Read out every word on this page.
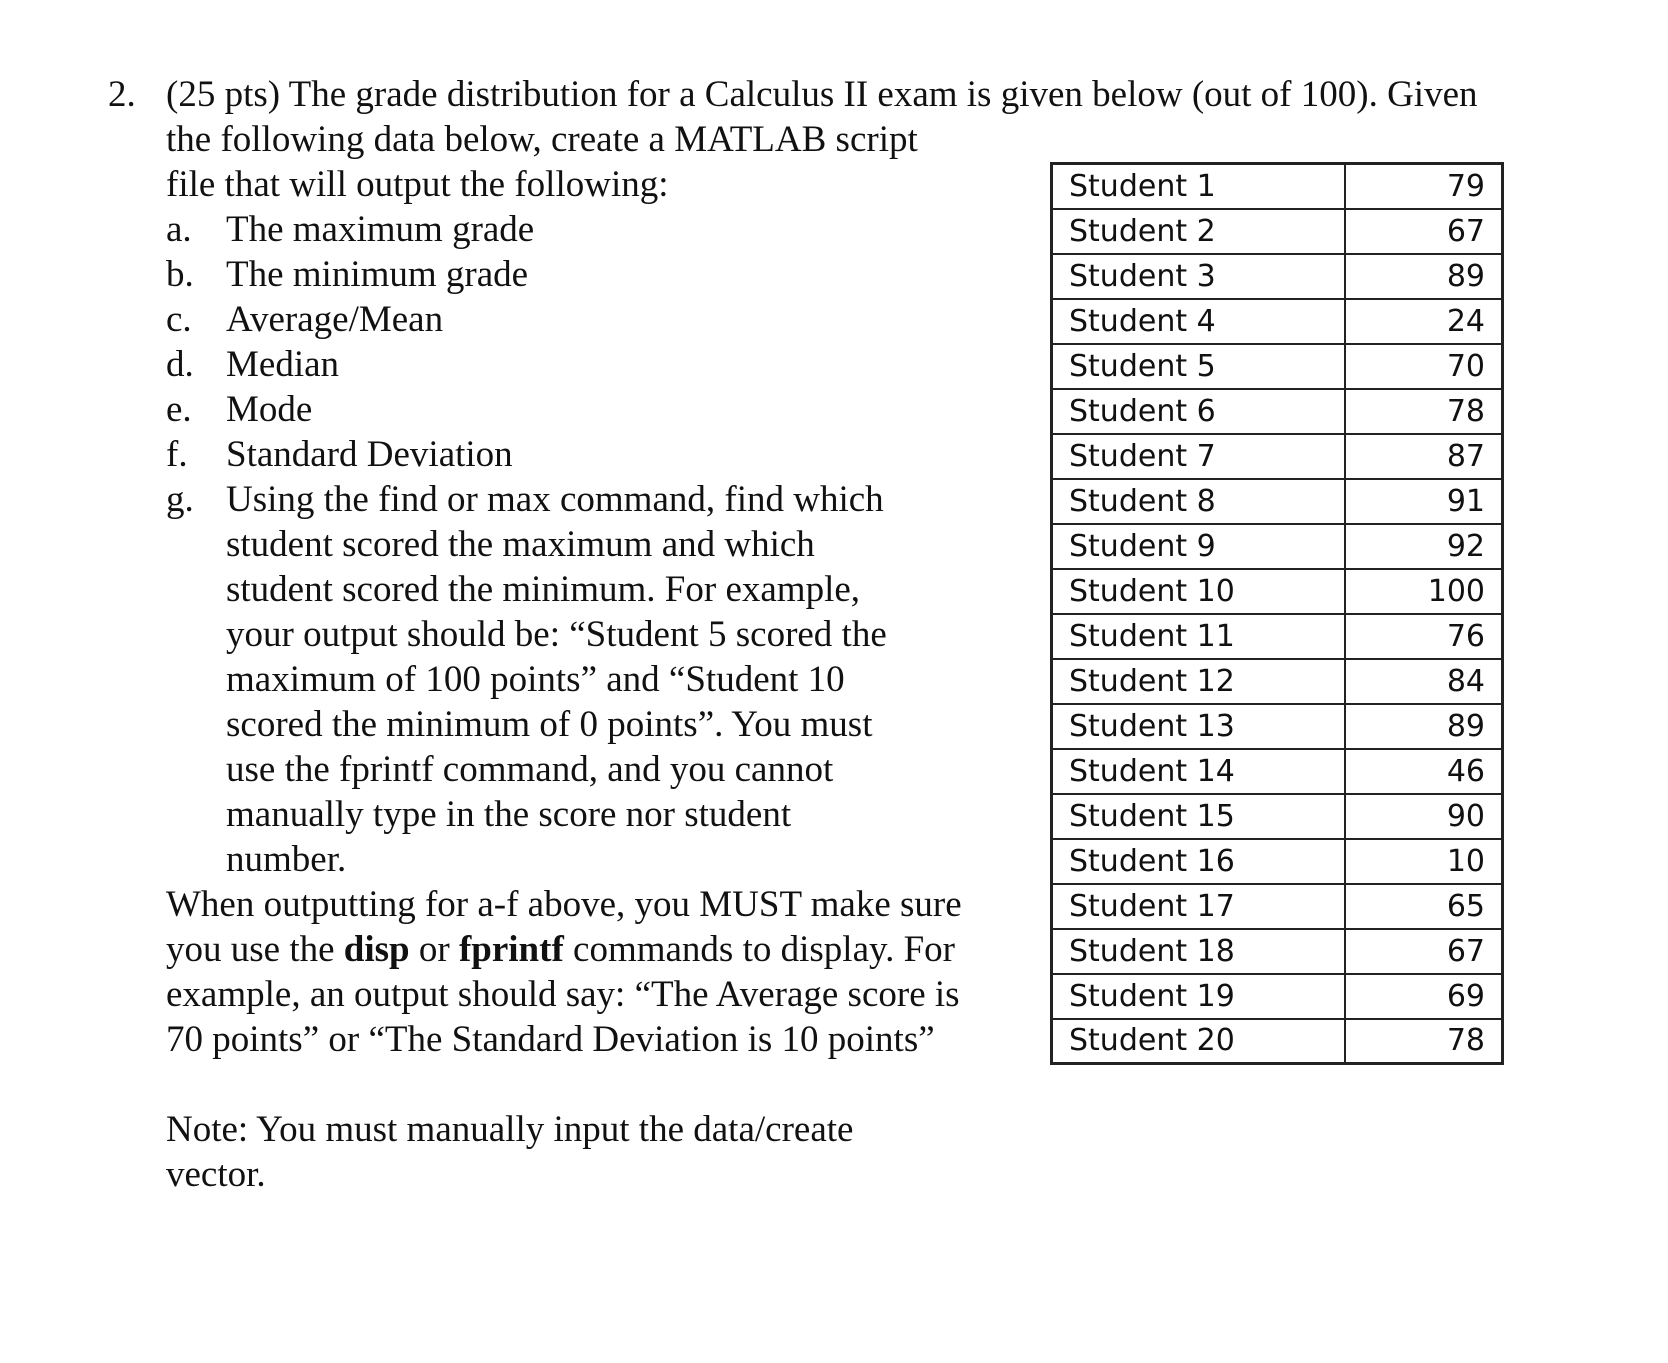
2. (25 pts) The grade distribution for a Calculus II exam is given below (out of 100). Given
the following data below, create a MATLAB script
file that will output the following:
a. The maximum grade
b. The minimum grade
c. Average/Mean
d. Median
e. Mode
f. Standard Deviation
g. Using the find or max command, find which
student scored the maximum and which
student scored the minimum. For example,
your output should be: “Student 5 scored the
maximum of 100 points” and “Student 10
scored the minimum of 0 points”. You must
use the fprintf command, and you cannot
manually type in the score nor student
number.
When outputting for a-f above, you MUST make sure
you use the disp or fprintf commands to display. For
example, an output should say: “The Average score is
70 points” or “The Standard Deviation is 10 points”
Note: You must manually input the data/create
vector.
Student 1	79
Student 2	67
Student 3	89
Student 4	24
Student 5	70
Student 6	78
Student 7	87
Student 8	91
Student 9	92
Student 10	100
Student 11	76
Student 12	84
Student 13	89
Student 14	46
Student 15	90
Student 16	10
Student 17	65
Student 18	67
Student 19	69
Student 20	78
